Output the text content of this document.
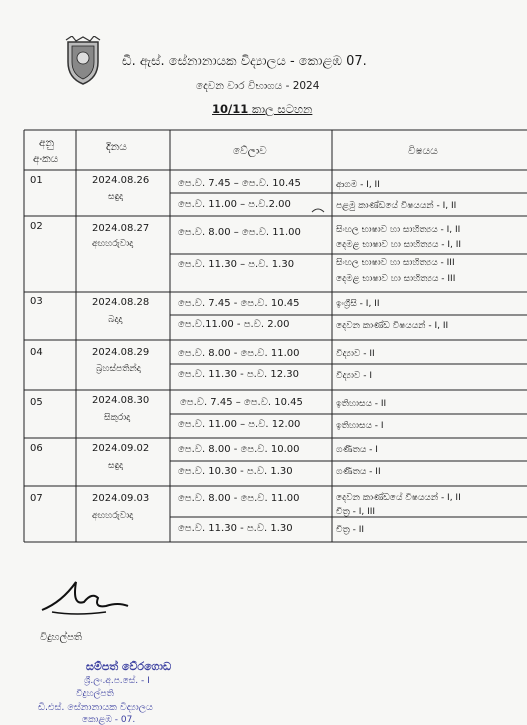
ඩී. ඇස්. සේනානායක විද්‍යාලය - කොළඹ 07.
දෙවන වාර විභාගය - 2024
10/11 කාල සටහන
අනු
අංකය
දිනය	වේලාව	විෂයය
01	2024.08.26
සඳුදා
පෙ.ව. 7.45 – පෙ.ව. 10.45	ආගම - I, II
පෙ.ව. 11.00 – ප.ව.2.00	පළමු කාණ්ඩයේ විෂයයන් - I, II
02	2024.08.27
අඟහරුවාදා
පෙ.ව. 8.00 – පෙ.ව. 11.00	සිංහල භාෂාව හා සාහිත්‍යය - I, II
දෙමළ භාෂාව හා සාහිත්‍යය - I, II
පෙ.ව. 11.30 – ප.ව. 1.30	සිංහල භාෂාව හා සාහිත්‍යය - III
දෙමළ භාෂාව හා සාහිත්‍යය - III
03	2024.08.28
බදාදා
පෙ.ව. 7.45 - පෙ.ව. 10.45	ඉංග්‍රීසි - I, II
පෙ.ව.11.00 - ප.ව. 2.00	දෙවන කාණ්ඩ විෂයයන් - I, II
04	2024.08.29
බ්‍රහස්පතින්දා
පෙ.ව. 8.00 - පෙ.ව. 11.00	විද්‍යාව - II
පෙ.ව. 11.30 - ප.ව. 12.30	විද්‍යාව - I
05	2024.08.30
සිකුරාදා
පෙ.ව. 7.45 – පෙ.ව. 10.45	ඉතිහාසය - II
පෙ.ව. 11.00 – ප.ව. 12.00	ඉතිහාසය - I
06	2024.09.02
සඳුදා
පෙ.ව. 8.00 - පෙ.ව. 10.00	ගණිතය - I
පෙ.ව. 10.30 - ප.ව. 1.30	ගණිතය - II
07	2024.09.03
අඟහරුවාදා
පෙ.ව. 8.00 - පෙ.ව. 11.00	දෙවන කාණ්ඩයේ විෂයයන් - I, II
චිත්‍ර - I, III
පෙ.ව. 11.30 - ප.ව. 1.30	චිත්‍ර - II
විදුහල්පති
සම්පත් වේරගොඩ
ශ්‍රී.ලං.අ.ප.සේ. - I
විදුහල්පති
ඩී.එස්. සේනානායක විද්‍යාලය
කොළඹ - 07.
